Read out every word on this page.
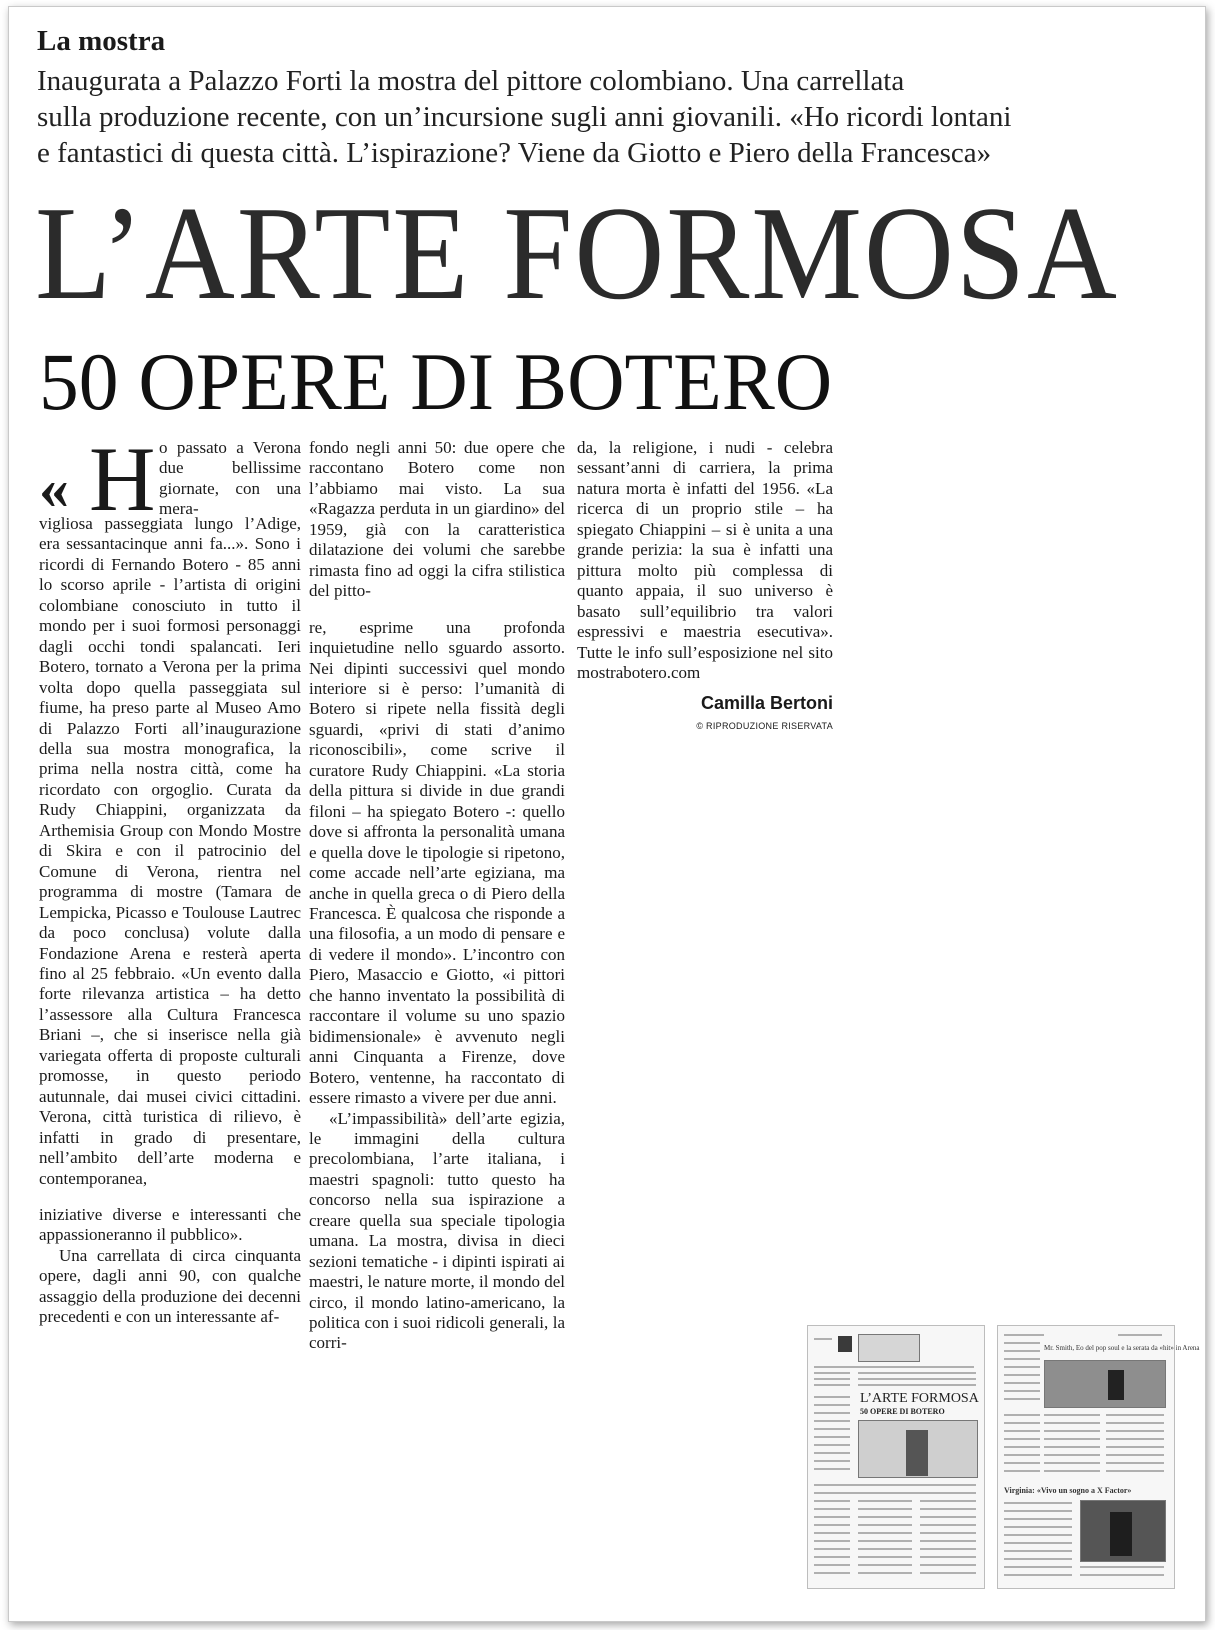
La mostra
Inaugurata a Palazzo Forti la mostra del pittore colombiano. Una carrellata
sulla produzione recente, con un’incursione sugli anni giovanili. «Ho ricordi lontani
e fantastici di questa città. L’ispirazione? Viene da Giotto e Piero della Francesca»
L’ARTE FORMOSA
50 OPERE DI BOTERO
« H o passato a Verona due bellissime giornate, con una mera-

vigliosa passeggiata lungo l’Adige, era sessantacinque anni fa...». Sono i ricordi di Fernando Botero - 85 anni lo scorso aprile - l’artista di origini colombiane conosciuto in tutto il mondo per i suoi formosi personaggi dagli occhi tondi spalancati. Ieri Botero, tornato a Verona per la prima volta dopo quella passeggiata sul fiume, ha preso parte al Museo Amo di Palazzo Forti all’inaugurazione della sua mostra monografica, la prima nella nostra città, come ha ricordato con orgoglio. Curata da Rudy Chiappini, organizzata da Arthemisia Group con Mondo Mostre di Skira e con il patrocinio del Comune di Verona, rientra nel programma di mostre (Tamara de Lempicka, Picasso e Toulouse Lautrec da poco conclusa) volute dalla Fondazione Arena e resterà aperta fino al 25 febbraio. «Un evento dalla forte rilevanza artistica – ha detto l’assessore alla Cultura Francesca Briani –, che si inserisce nella già variegata offerta di proposte culturali promosse, in questo periodo autunnale, dai musei civici cittadini. Verona, città turistica di rilievo, è infatti in grado di presentare, nell’ambito dell’arte moderna e contemporanea,

iniziative diverse e interessanti che appassioneranno il pubblico».

Una carrellata di circa cinquanta opere, dagli anni 90, con qualche assaggio della produzione dei decenni precedenti e con un interessante af-

fondo negli anni 50: due opere che raccontano Botero come non l’abbiamo mai visto. La sua «Ragazza perduta in un giardino» del 1959, già con la caratteristica dilatazione dei volumi che sarebbe rimasta fino ad oggi la cifra stilistica del pitto-

re, esprime una profonda inquietudine nello sguardo assorto. Nei dipinti successivi quel mondo interiore si è perso: l’umanità di Botero si ripete nella fissità degli sguardi, «privi di stati d’animo riconoscibili», come scrive il curatore Rudy Chiappini. «La storia della pittura si divide in due grandi filoni – ha spiegato Botero -: quello dove si affronta la personalità umana e quella dove le tipologie si ripetono, come accade nell’arte egiziana, ma anche in quella greca o di Piero della Francesca. È qualcosa che risponde a una filosofia, a un modo di pensare e di vedere il mondo». L’incontro con Piero, Masaccio e Giotto, «i pittori che hanno inventato la possibilità di raccontare il volume su uno spazio bidimensionale» è avvenuto negli anni Cinquanta a Firenze, dove Botero, ventenne, ha raccontato di essere rimasto a vivere per due anni.

«L’impassibilità» dell’arte egizia, le immagini della cultura precolombiana, l’arte italiana, i maestri spagnoli: tutto questo ha concorso nella sua ispirazione a creare quella sua speciale tipologia umana. La mostra, divisa in dieci sezioni tematiche - i dipinti ispirati ai maestri, le nature morte, il mondo del circo, il mondo latino-americano, la politica con i suoi ridicoli generali, la corri-

da, la religione, i nudi - celebra sessant’anni di carriera, la prima natura morta è infatti del 1956. «La ricerca di un proprio stile – ha spiegato Chiappini – si è unita a una grande perizia: la sua è infatti una pittura molto più complessa di quanto appaia, il suo universo è basato sull’equilibrio tra valori espressivi e maestria esecutiva». Tutte le info sull’esposizione nel sito mostrabotero.com

Camilla Bertoni
© RIPRODUZIONE RISERVATA
L’ARTE FORMOSA
50 OPERE DI BOTERO
Mr. Smith, Eo del pop soul e la serata da «hit» in Arena
Virginia: «Vivo un sogno a X Factor»
